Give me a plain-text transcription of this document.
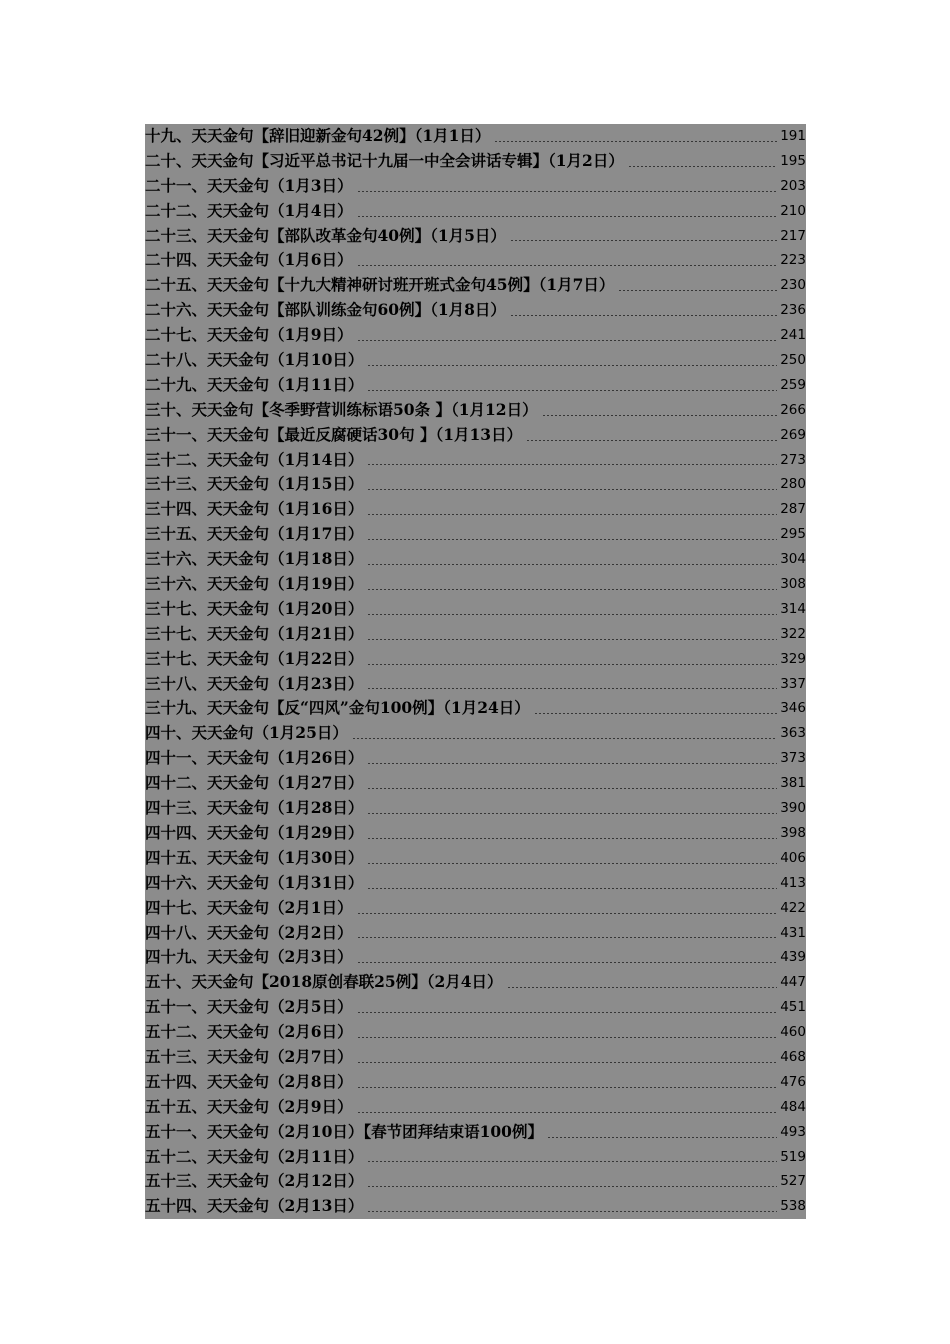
十九、天天金句【辞旧迎新金句42例】（1月1日）	191
二十、天天金句【习近平总书记十九届一中全会讲话专辑】（1月2日）	195
二十一、天天金句（1月3日）	203
二十二、天天金句（1月4日）	210
二十三、天天金句【部队改革金句40例】（1月5日）	217
二十四、天天金句（1月6日）	223
二十五、天天金句【十九大精神研讨班开班式金句45例】（1月7日）	230
二十六、天天金句【部队训练金句60例】（1月8日）	236
二十七、天天金句（1月9日）	241
二十八、天天金句（1月10日）	250
二十九、天天金句（1月11日）	259
三十、天天金句【冬季野营训练标语50条 】（1月12日）	266
三十一、天天金句【最近反腐硬话30句 】（1月13日）	269
三十二、天天金句（1月14日）	273
三十三、天天金句（1月15日）	280
三十四、天天金句（1月16日）	287
三十五、天天金句（1月17日）	295
三十六、天天金句（1月18日）	304
三十六、天天金句（1月19日）	308
三十七、天天金句（1月20日）	314
三十七、天天金句（1月21日）	322
三十七、天天金句（1月22日）	329
三十八、天天金句（1月23日）	337
三十九、天天金句【反“四风”金句100例】（1月24日）	346
四十、天天金句（1月25日）	363
四十一、天天金句（1月26日）	373
四十二、天天金句（1月27日）	381
四十三、天天金句（1月28日）	390
四十四、天天金句（1月29日）	398
四十五、天天金句（1月30日）	406
四十六、天天金句（1月31日）	413
四十七、天天金句（2月1日）	422
四十八、天天金句（2月2日）	431
四十九、天天金句（2月3日）	439
五十、天天金句【2018原创春联25例】（2月4日）	447
五十一、天天金句（2月5日）	451
五十二、天天金句（2月6日）	460
五十三、天天金句（2月7日）	468
五十四、天天金句（2月8日）	476
五十五、天天金句（2月9日）	484
五十一、天天金句（2月10日）【春节团拜结束语100例】	493
五十二、天天金句（2月11日）	519
五十三、天天金句（2月12日）	527
五十四、天天金句（2月13日）	538
